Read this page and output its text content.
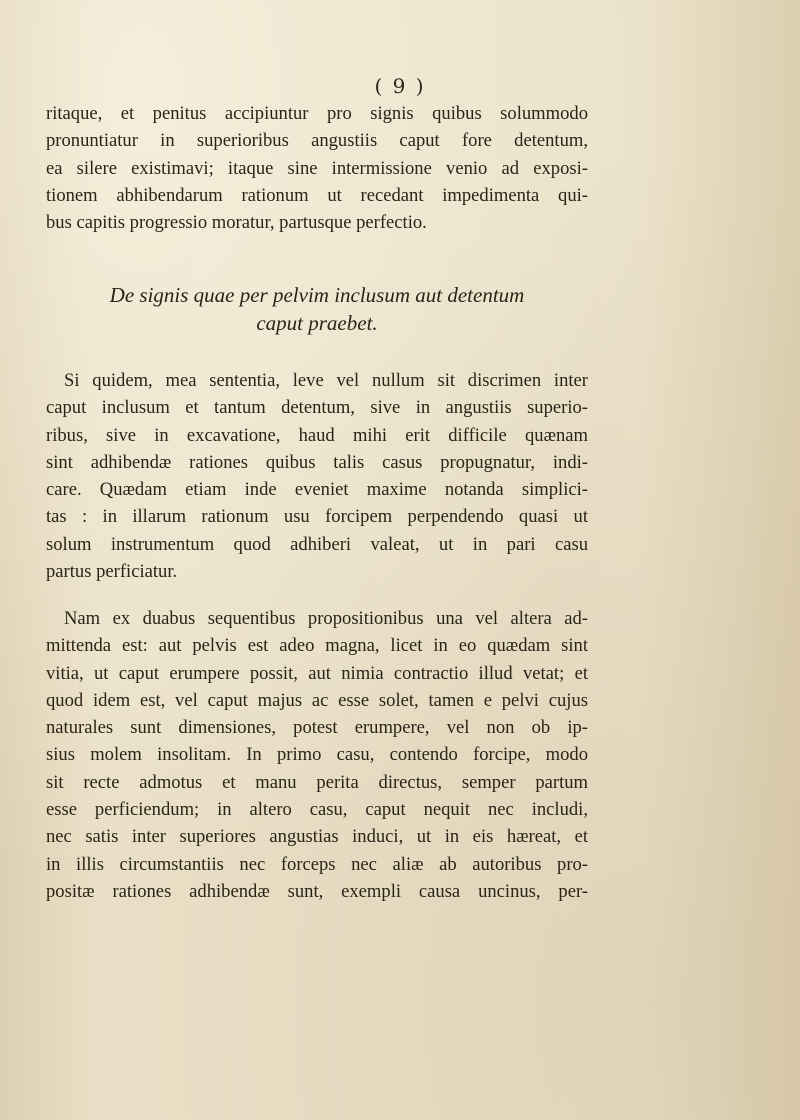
( 9 )
ritaque, et penitus accipiuntur pro signis quibus solummodo
pronuntiatur in superioribus angustiis caput fore detentum,
ea silere existimavi; itaque sine intermissione venio ad exposi-
tionem abhibendarum rationum ut recedant impedimenta qui-
bus capitis progressio moratur, partusque perfectio.
De signis quae per pelvim inclusum aut detentum
caput praebet.
Si quidem, mea sententia, leve vel nullum sit discrimen inter
caput inclusum et tantum detentum, sive in angustiis superio-
ribus, sive in excavatione, haud mihi erit difficile quænam
sint adhibendæ rationes quibus talis casus propugnatur, indi-
care. Quædam etiam inde eveniet maxime notanda simplici-
tas : in illarum rationum usu forcipem perpendendo quasi ut
solum instrumentum quod adhiberi valeat, ut in pari casu
partus perficiatur.
Nam ex duabus sequentibus propositionibus una vel altera ad-
mittenda est: aut pelvis est adeo magna, licet in eo quædam sint
vitia, ut caput erumpere possit, aut nimia contractio illud vetat; et
quod idem est, vel caput majus ac esse solet, tamen e pelvi cujus
naturales sunt dimensiones, potest erumpere, vel non ob ip-
sius molem insolitam. In primo casu, contendo forcipe, modo
sit recte admotus et manu perita directus, semper partum
esse perficiendum; in altero casu, caput nequit nec includi,
nec satis inter superiores angustias induci, ut in eis hæreat, et
in illis circumstantiis nec forceps nec aliæ ab autoribus pro-
positæ rationes adhibendæ sunt, exempli causa uncinus, per-
